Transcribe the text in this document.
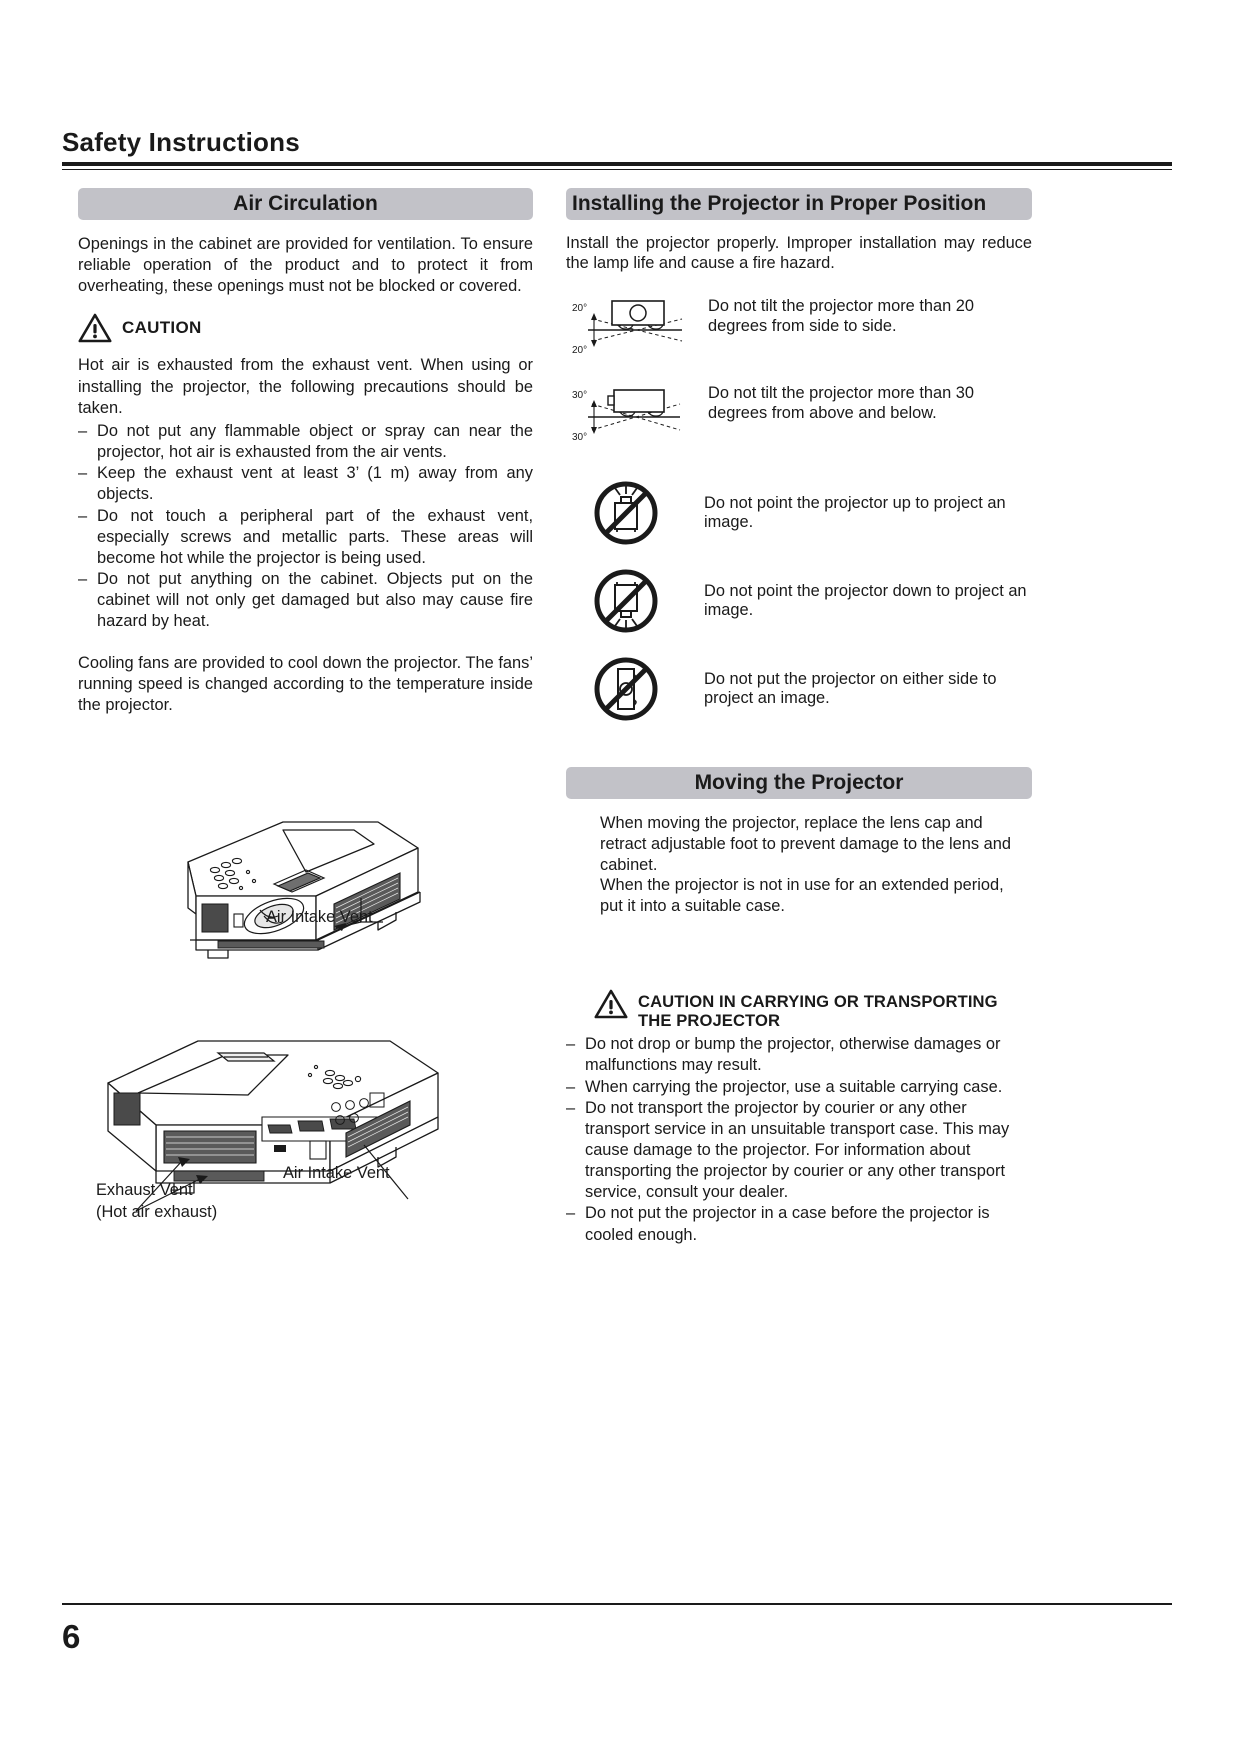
Safety Instructions
Air Circulation

Openings in the cabinet are provided for ventilation. To ensure reliable operation of the product and to protect it from overheating, these openings must not be blocked or covered.

CAUTION

Hot air is exhausted from the exhaust vent. When using or installing the projector, the following precautions should be taken.

– Do not put any flammable object or spray can near the projector, hot air is exhausted from the air vents.
– Keep the exhaust vent at least 3’ (1 m) away from any objects.
– Do not touch a peripheral part of the exhaust vent, especially screws and metallic parts. These areas will become hot while the projector is being used.
– Do not put anything on the cabinet. Objects put on the cabinet will not only get damaged but also may cause fire hazard by heat.

Cooling fans are provided to cool down the projector. The fans’ running speed is changed according to the temperature inside the projector.

Air Intake Vent
Air Intake Vent
Exhaust Vent
(Hot air exhaust)
Installing the Projector in Proper Position

Install the projector properly. Improper installation may reduce the lamp life and cause a fire hazard.

20°
20°
Do not tilt the projector more than 20 degrees from side to side.
30°
30°
Do not tilt the projector more than 30 degrees from above and below.
Do not point the projector up to project an image.
Do not point the projector down to project an image.
Do not put the projector on either side to project an image.
Moving the Projector

When moving the projector, replace the lens cap and retract adjustable foot to prevent damage to the lens and cabinet.

When the projector is not in use for an extended period, put it into a suitable case.

CAUTION IN CARRYING OR TRANSPORTING
THE PROJECTOR
– Do not drop or bump the projector, otherwise damages or malfunctions may result.
– When carrying the projector, use a suitable carrying case.
– Do not transport the projector by courier or any other transport service in an unsuitable transport case. This may cause damage to the projector. For information about transporting the projector by courier or any other transport service, consult your dealer.
– Do not put the projector in a case before the projector is cooled enough.
6
